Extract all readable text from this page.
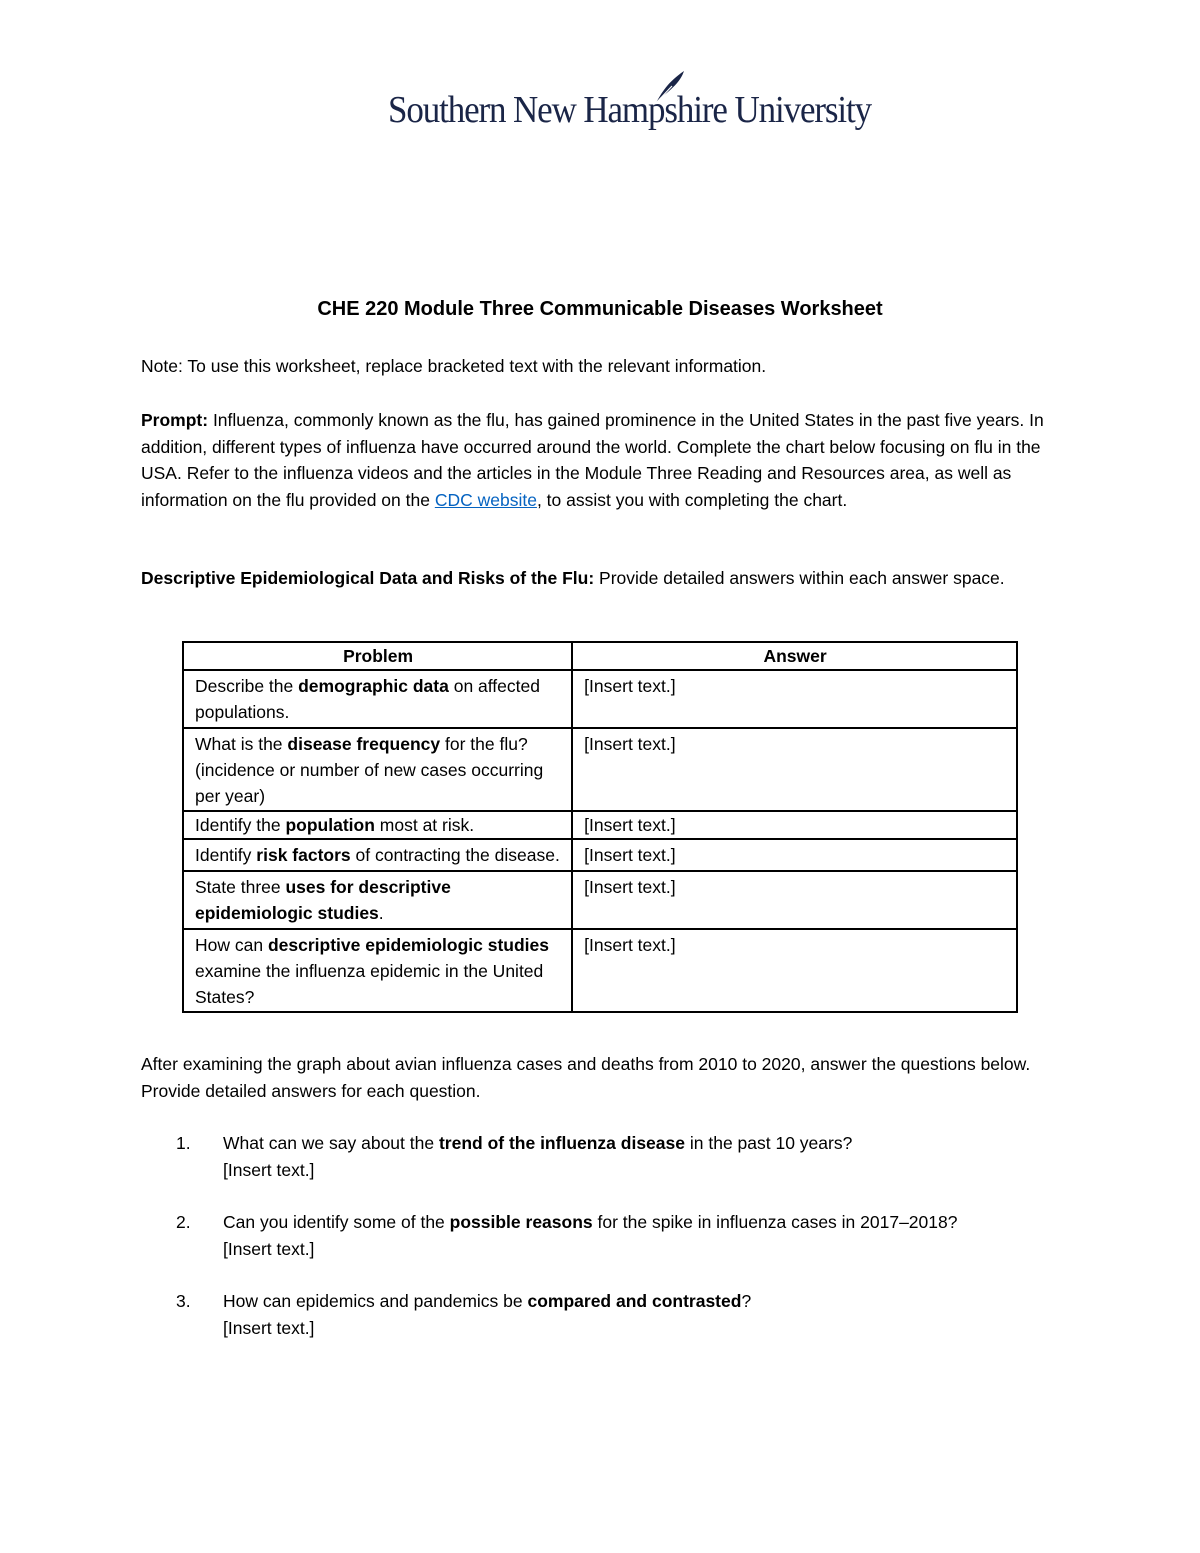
Southern New Hampshire University
CHE 220 Module Three Communicable Diseases Worksheet
Note: To use this worksheet, replace bracketed text with the relevant information.
Prompt: Influenza, commonly known as the flu, has gained prominence in the United States in the past five years. In addition, different types of influenza have occurred around the world. Complete the chart below focusing on flu in the USA. Refer to the influenza videos and the articles in the Module Three Reading and Resources area, as well as information on the flu provided on the CDC website, to assist you with completing the chart.
Descriptive Epidemiological Data and Risks of the Flu: Provide detailed answers within each answer space.
Problem	Answer
Describe the demographic data on affected populations.	[Insert text.]
What is the disease frequency for the flu? (incidence or number of new cases occurring per year)	[Insert text.]
Identify the population most at risk.	[Insert text.]
Identify risk factors of contracting the disease.	[Insert text.]
State three uses for descriptive epidemiologic studies.	[Insert text.]
How can descriptive epidemiologic studies examine the influenza epidemic in the United States?	[Insert text.]
After examining the graph about avian influenza cases and deaths from 2010 to 2020, answer the questions below. Provide detailed answers for each question.
1. What can we say about the trend of the influenza disease in the past 10 years?
[Insert text.]
2. Can you identify some of the possible reasons for the spike in influenza cases in 2017–2018?
[Insert text.]
3. How can epidemics and pandemics be compared and contrasted?
[Insert text.]
